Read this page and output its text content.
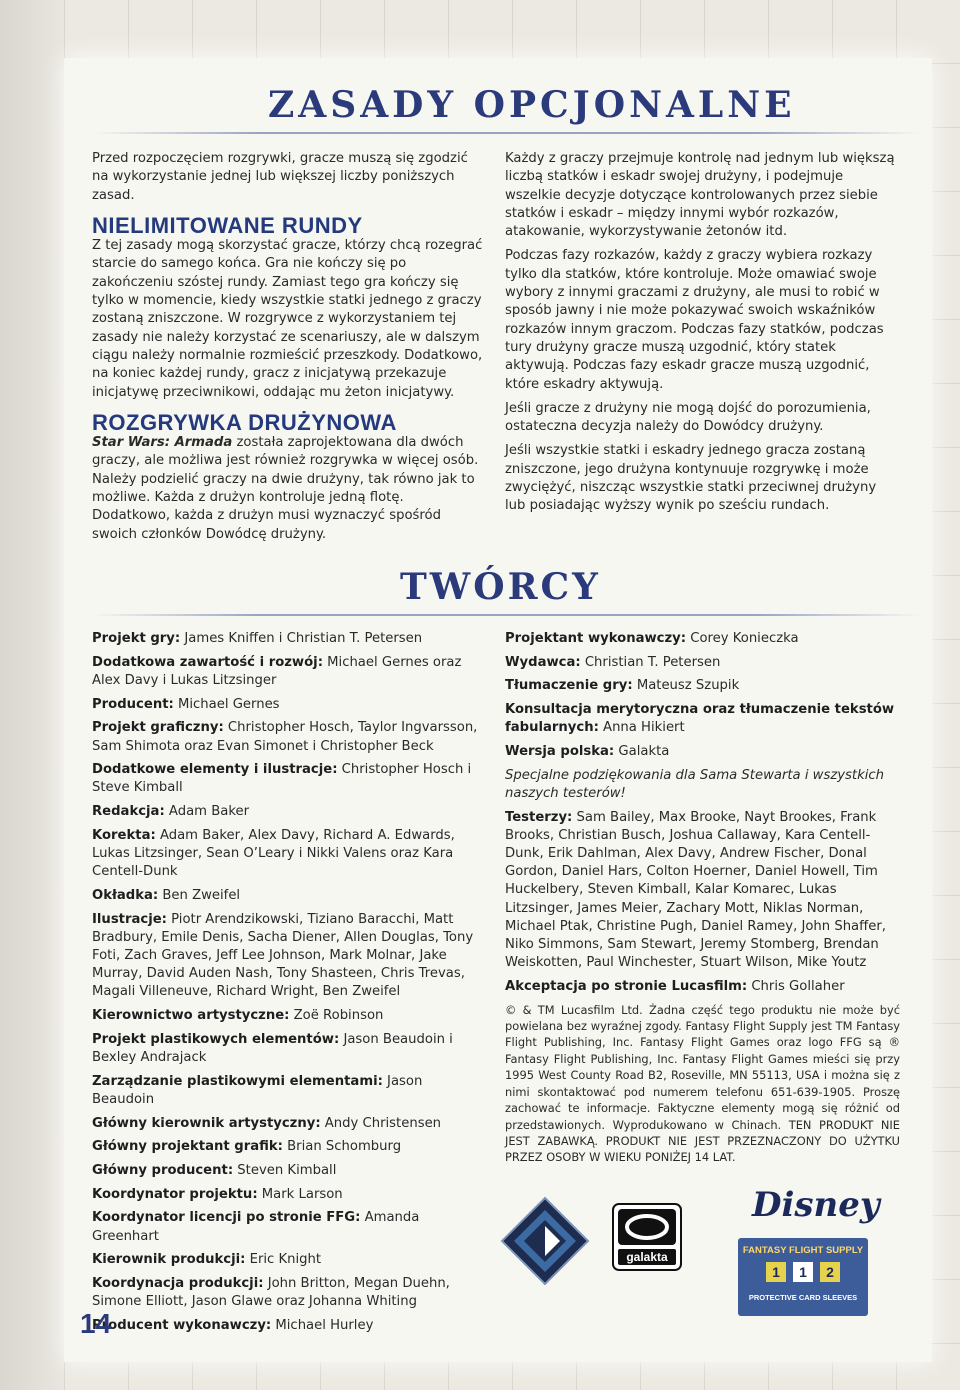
ZASADY OPCJONALNE

Przed rozpoczęciem rozgrywki, gracze muszą się zgodzić na wykorzystanie jednej lub większej liczby poniższych zasad.

NIELIMITOWANE RUNDY

Z tej zasady mogą skorzystać gracze, którzy chcą rozegrać starcie do samego końca. Gra nie kończy się po zakończeniu szóstej rundy. Zamiast tego gra kończy się tylko w momencie, kiedy wszystkie statki jednego z graczy zostaną zniszczone. W rozgrywce z wykorzystaniem tej zasady nie należy korzystać ze scenariuszy, ale w dalszym ciągu należy normalnie rozmieścić przeszkody. Dodatkowo, na koniec każdej rundy, gracz z inicjatywą przekazuje inicjatywę przeciwnikowi, oddając mu żeton inicjatywy.

ROZGRYWKA DRUŻYNOWA

Star Wars: Armada została zaprojektowana dla dwóch graczy, ale możliwa jest również rozgrywka w więcej osób. Należy podzielić graczy na dwie drużyny, tak równo jak to możliwe. Każda z drużyn kontroluje jedną flotę. Dodatkowo, każda z drużyn musi wyznaczyć spośród swoich członków Dowódcę drużyny.

Każdy z graczy przejmuje kontrolę nad jednym lub większą liczbą statków i eskadr swojej drużyny, i podejmuje wszelkie decyzje dotyczące kontrolowanych przez siebie statków i eskadr – między innymi wybór rozkazów, atakowanie, wykorzystywanie żetonów itd.

Podczas fazy rozkazów, każdy z graczy wybiera rozkazy tylko dla statków, które kontroluje. Może omawiać swoje wybory z innymi graczami z drużyny, ale musi to robić w sposób jawny i nie może pokazywać swoich wskaźników rozkazów innym graczom. Podczas fazy statków, podczas tury drużyny gracze muszą uzgodnić, który statek aktywują. Podczas fazy eskadr gracze muszą uzgodnić, które eskadry aktywują.

Jeśli gracze z drużyny nie mogą dojść do porozumienia, ostateczna decyzja należy do Dowódcy drużyny.

Jeśli wszystkie statki i eskadry jednego gracza zostaną zniszczone, jego drużyna kontynuuje rozgrywkę i może zwyciężyć, niszcząc wszystkie statki przeciwnej drużyny lub posiadając wyższy wynik po sześciu rundach.

TWÓRCY
Projekt gry: James Kniffen i Christian T. Petersen
Dodatkowa zawartość i rozwój: Michael Gernes oraz Alex Davy i Lukas Litzsinger
Producent: Michael Gernes
Projekt graficzny: Christopher Hosch, Taylor Ingvarsson, Sam Shimota oraz Evan Simonet i Christopher Beck
Dodatkowe elementy i ilustracje: Christopher Hosch i Steve Kimball
Redakcja: Adam Baker
Korekta: Adam Baker, Alex Davy, Richard A. Edwards, Lukas Litzsinger, Sean O’Leary i Nikki Valens oraz Kara Centell-Dunk
Okładka: Ben Zweifel
Ilustracje: Piotr Arendzikowski, Tiziano Baracchi, Matt Bradbury, Emile Denis, Sacha Diener, Allen Douglas, Tony Foti, Zach Graves, Jeff Lee Johnson, Mark Molnar, Jake Murray, David Auden Nash, Tony Shasteen, Chris Trevas, Magali Villeneuve, Richard Wright, Ben Zweifel
Kierownictwo artystyczne: Zoë Robinson
Projekt plastikowych elementów: Jason Beaudoin i Bexley Andrajack
Zarządzanie plastikowymi elementami: Jason Beaudoin
Główny kierownik artystyczny: Andy Christensen
Główny projektant grafik: Brian Schomburg
Główny producent: Steven Kimball
Koordynator projektu: Mark Larson
Koordynator licencji po stronie FFG: Amanda Greenhart
Kierownik produkcji: Eric Knight
Koordynacja produkcji: John Britton, Megan Duehn, Simone Elliott, Jason Glawe oraz Johanna Whiting
Producent wykonawczy: Michael Hurley
Projektant wykonawczy: Corey Konieczka
Wydawca: Christian T. Petersen
Tłumaczenie gry: Mateusz Szupik
Konsultacja merytoryczna oraz tłumaczenie tekstów fabularnych: Anna Hikiert
Wersja polska: Galakta
Specjalne podziękowania dla Sama Stewarta i wszystkich naszych testerów!
Testerzy: Sam Bailey, Max Brooke, Nayt Brookes, Frank Brooks, Christian Busch, Joshua Callaway, Kara Centell-Dunk, Erik Dahlman, Alex Davy, Andrew Fischer, Donal Gordon, Daniel Hars, Colton Hoerner, Daniel Howell, Tim Huckelbery, Steven Kimball, Kalar Komarec, Lukas Litzsinger, James Meier, Zachary Mott, Niklas Norman, Michael Ptak, Christine Pugh, Daniel Ramey, John Shaffer, Niko Simmons, Sam Stewart, Jeremy Stomberg, Brendan Weiskotten, Paul Winchester, Stuart Wilson, Mike Youtz
Akceptacja po stronie Lucasfilm: Chris Gollaher
© & TM Lucasfilm Ltd. Żadna część tego produktu nie może być powielana bez wyraźnej zgody. Fantasy Flight Supply jest TM Fantasy Flight Publishing, Inc. Fantasy Flight Games oraz logo FFG są ® Fantasy Flight Publishing, Inc. Fantasy Flight Games mieści się przy 1995 West County Road B2, Roseville, MN 55113, USA i można się z nimi skontaktować pod numerem telefonu 651-639-1905. Proszę zachować te informacje. Faktyczne elementy mogą się różnić od przedstawionych. Wyprodukowano w Chinach. TEN PRODUKT NIE JEST ZABAWKĄ. PRODUKT NIE JEST PRZEZNACZONY DO UŻYTKU PRZEZ OSOBY W WIEKU PONIŻEJ 14 LAT.
galakta
Disney
FANTASY FLIGHT SUPPLY
1 1 2
PROTECTIVE CARD SLEEVES
14
